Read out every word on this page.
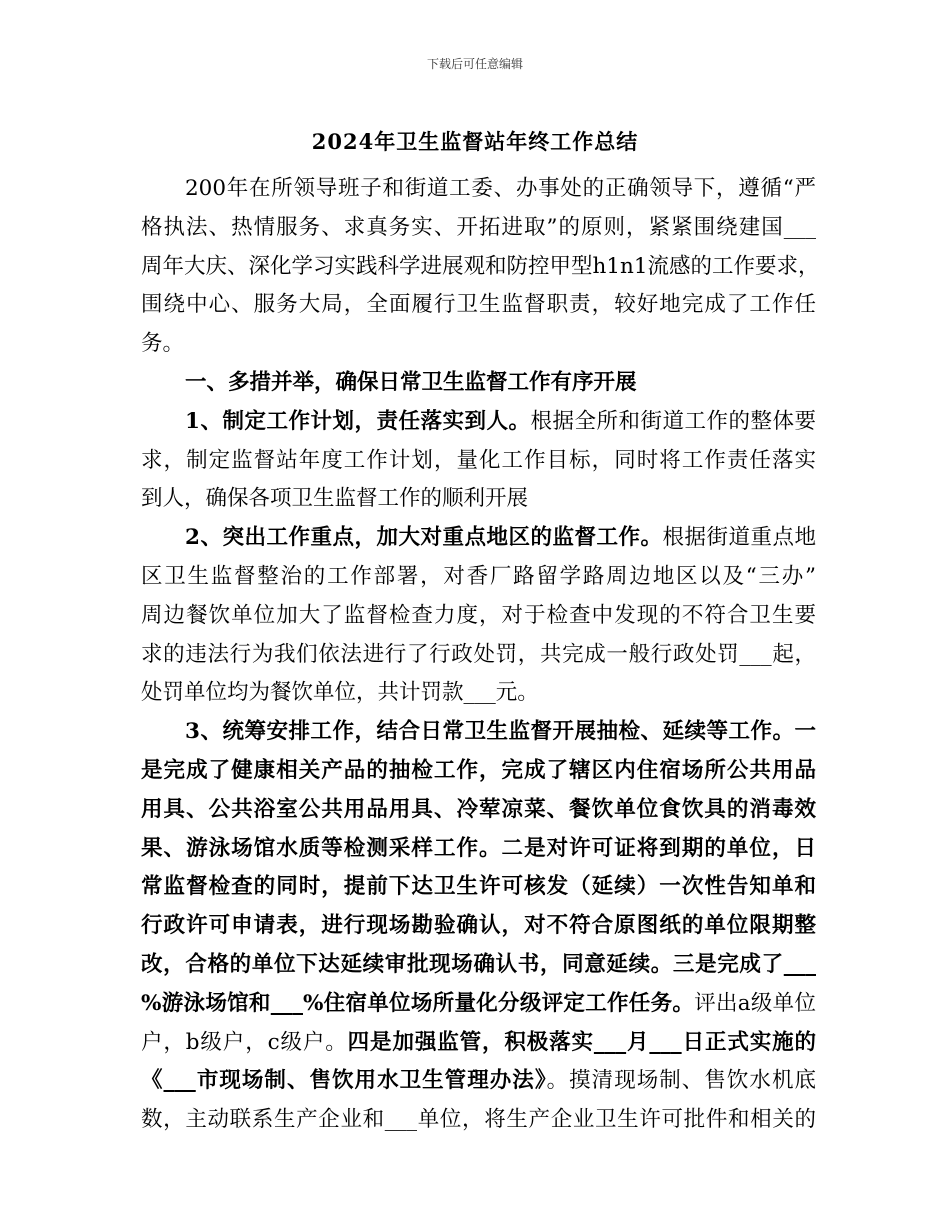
下载后可任意编辑
2024年卫生监督站年终工作总结
200年在所领导班子和街道工委、办事处的正确领导下，遵循“严
格执法、热情服务、求真务实、开拓进取”的原则，紧紧围绕建国___
周年大庆、深化学习实践科学进展观和防控甲型h1n1流感的工作要求，
围绕中心、服务大局，全面履行卫生监督职责，较好地完成了工作任
务。
一、多措并举，确保日常卫生监督工作有序开展
1、制定工作计划，责任落实到人。根据全所和街道工作的整体要
求，制定监督站年度工作计划，量化工作目标，同时将工作责任落实
到人，确保各项卫生监督工作的顺利开展
2、突出工作重点，加大对重点地区的监督工作。根据街道重点地
区卫生监督整治的工作部署，对香厂路留学路周边地区以及“三办”
周边餐饮单位加大了监督检查力度，对于检查中发现的不符合卫生要
求的违法行为我们依法进行了行政处罚，共完成一般行政处罚___起，
处罚单位均为餐饮单位，共计罚款___元。
3、统筹安排工作，结合日常卫生监督开展抽检、延续等工作。一
是完成了健康相关产品的抽检工作，完成了辖区内住宿场所公共用品
用具、公共浴室公共用品用具、冷荤凉菜、餐饮单位食饮具的消毒效
果、游泳场馆水质等检测采样工作。二是对许可证将到期的单位，日
常监督检查的同时，提前下达卫生许可核发（延续）一次性告知单和
行政许可申请表，进行现场勘验确认，对不符合原图纸的单位限期整
改，合格的单位下达延续审批现场确认书，同意延续。三是完成了___
%游泳场馆和___%住宿单位场所量化分级评定工作任务。评出a级单位
户，b级户，c级户。四是加强监管，积极落实___月___日正式实施的
《___市现场制、售饮用水卫生管理办法》。摸清现场制、售饮水机底
数，主动联系生产企业和___单位，将生产企业卫生许可批件和相关的
